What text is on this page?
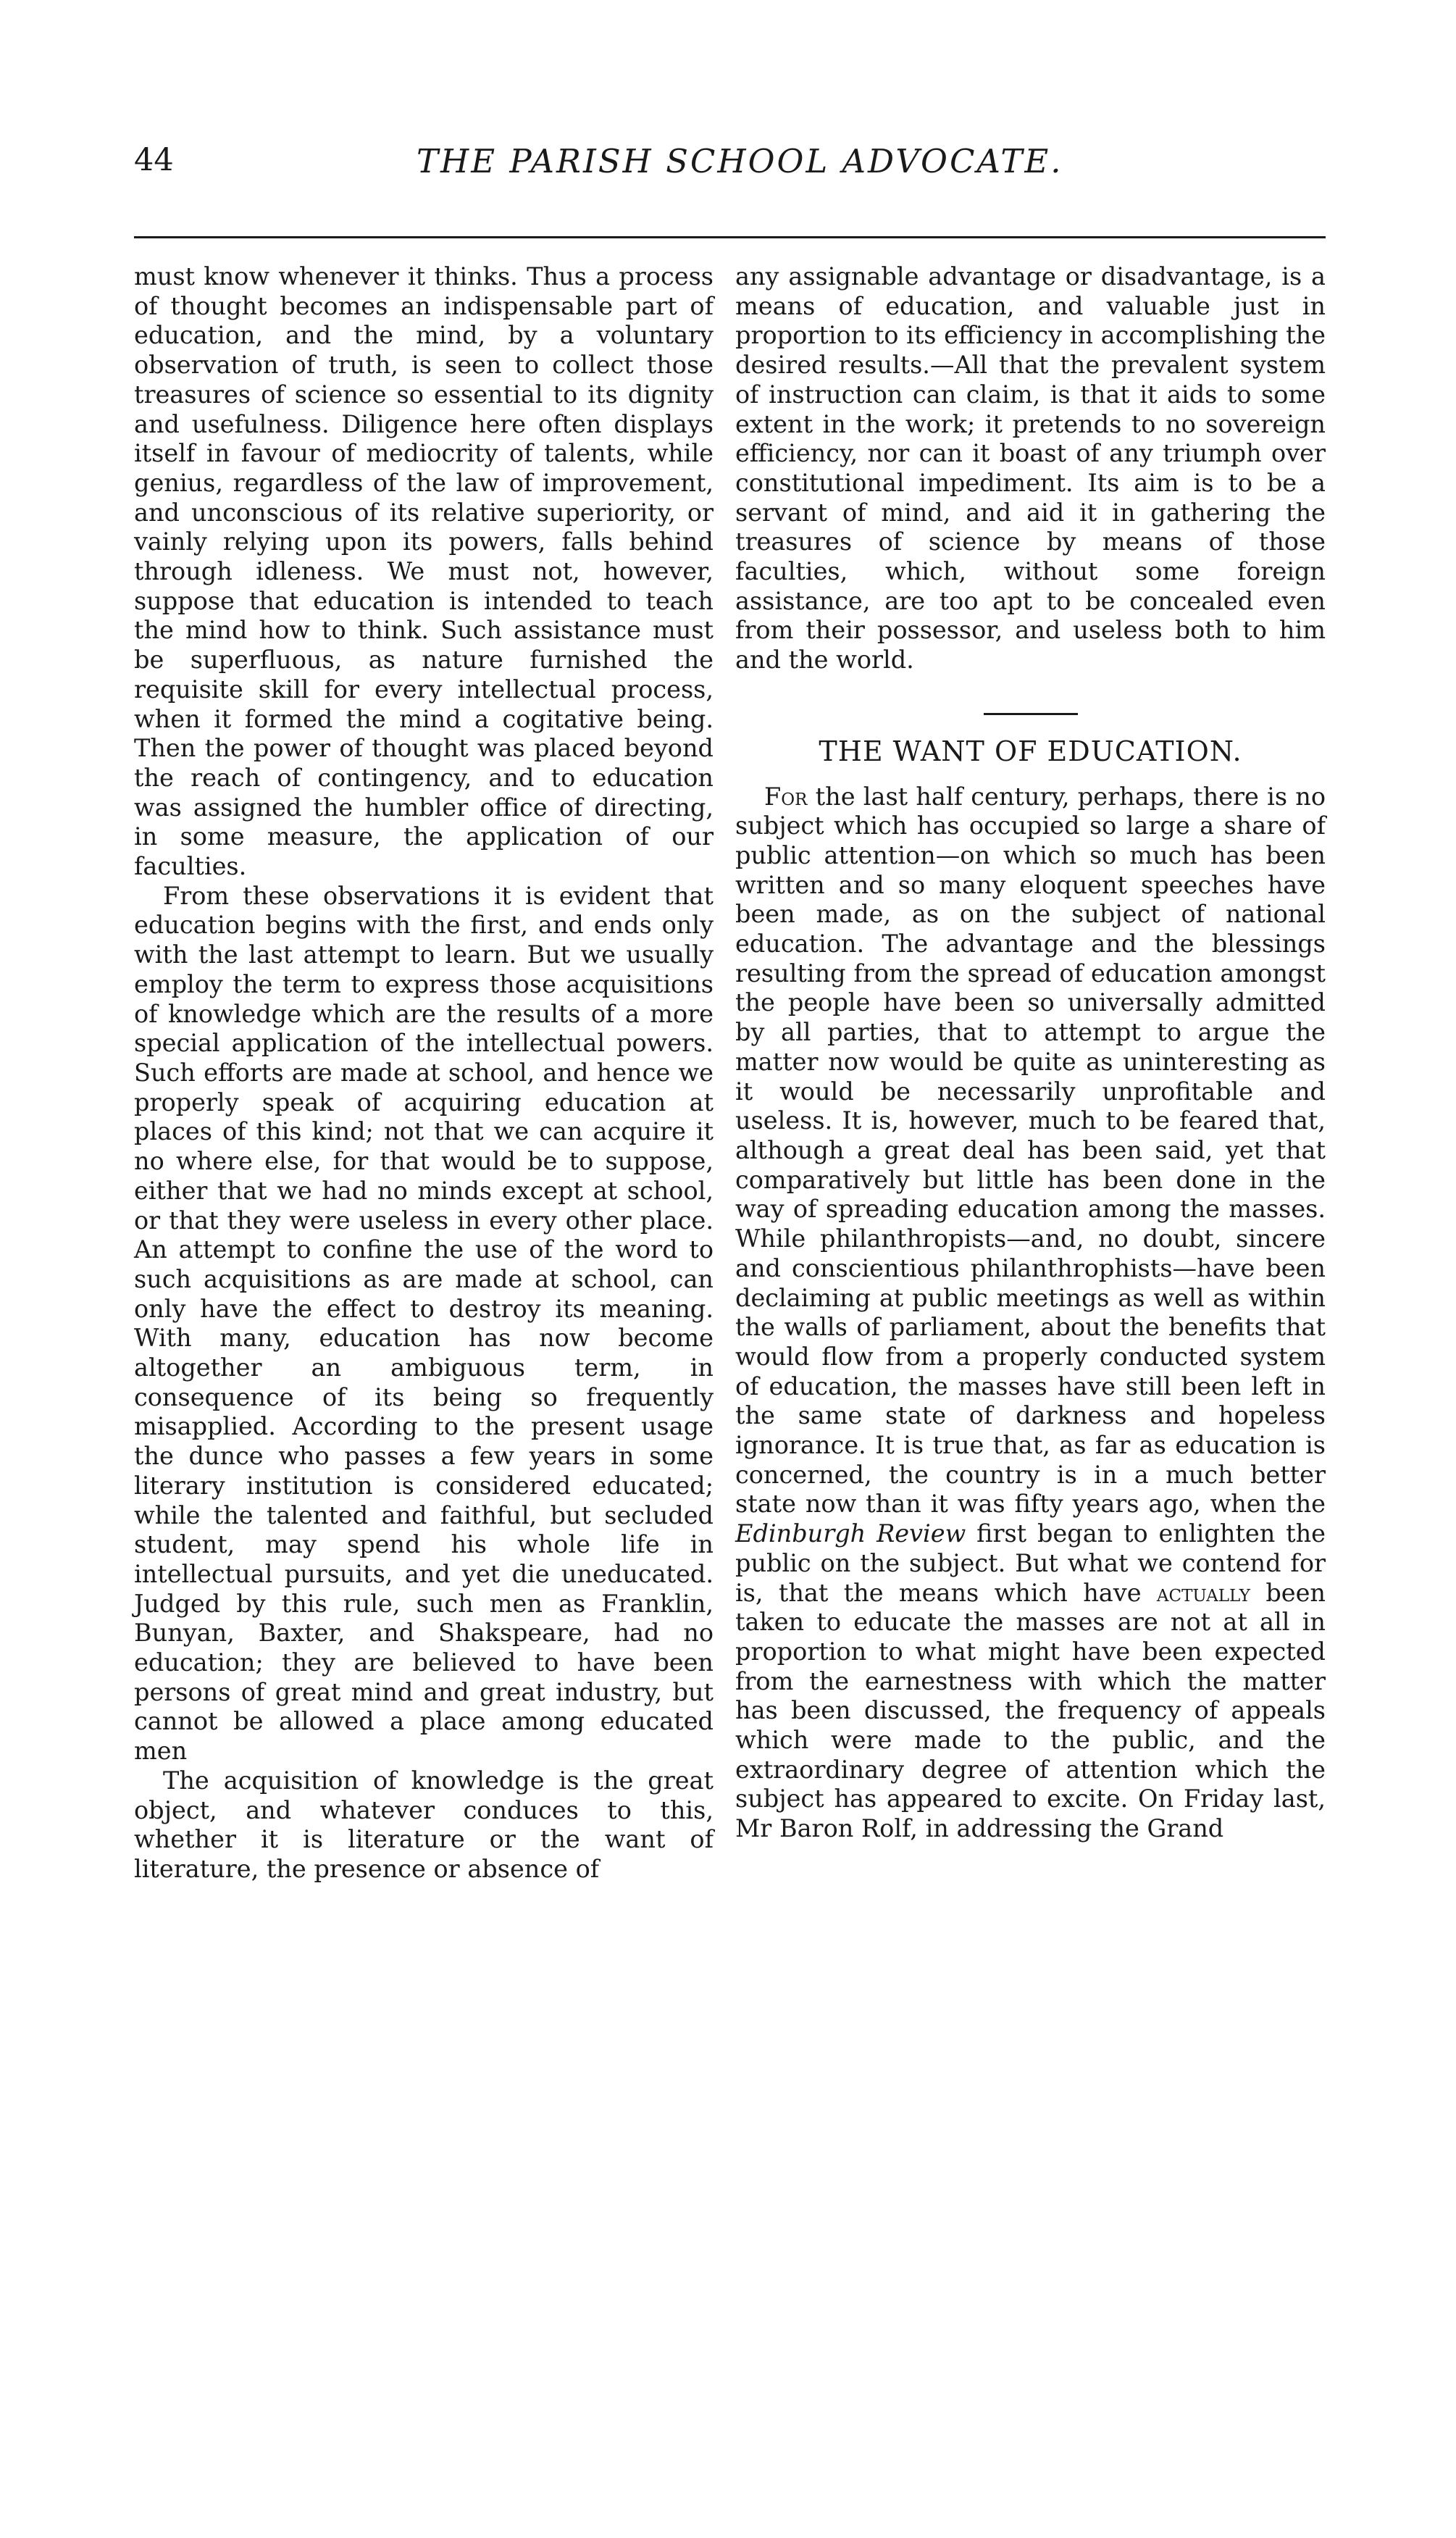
44	THE PARISH SCHOOL ADVOCATE.

must know whenever it thinks. Thus a process of thought becomes an indispensable part of education, and the mind, by a voluntary observation of truth, is seen to collect those treasures of science so essential to its dignity and usefulness. Diligence here often displays itself in favour of mediocrity of talents, while genius, regardless of the law of improvement, and unconscious of its relative superiority, or vainly relying upon its powers, falls behind through idleness. We must not, however, suppose that education is intended to teach the mind how to think. Such assistance must be superfluous, as nature furnished the requisite skill for every intellectual process, when it formed the mind a cogitative being. Then the power of thought was placed beyond the reach of contingency, and to education was assigned the humbler office of directing, in some measure, the application of our faculties.

From these observations it is evident that education begins with the first, and ends only with the last attempt to learn. But we usually employ the term to express those acquisitions of knowledge which are the results of a more special application of the intellectual powers. Such efforts are made at school, and hence we properly speak of acquiring education at places of this kind; not that we can acquire it no where else, for that would be to suppose, either that we had no minds except at school, or that they were useless in every other place. An attempt to confine the use of the word to such acquisitions as are made at school, can only have the effect to destroy its meaning. With many, education has now become altogether an ambiguous term, in consequence of its being so frequently misapplied. According to the present usage the dunce who passes a few years in some literary institution is considered educated; while the talented and faithful, but secluded student, may spend his whole life in intellectual pursuits, and yet die uneducated. Judged by this rule, such men as Franklin, Bunyan, Baxter, and Shakspeare, had no education; they are believed to have been persons of great mind and great industry, but cannot be allowed a place among educated men

The acquisition of knowledge is the great object, and whatever conduces to this, whether it is literature or the want of literature, the presence or absence of

any assignable advantage or disadvantage, is a means of education, and valuable just in proportion to its efficiency in accomplishing the desired results.—All that the prevalent system of instruction can claim, is that it aids to some extent in the work; it pretends to no sovereign efficiency, nor can it boast of any triumph over constitutional impediment. Its aim is to be a servant of mind, and aid it in gathering the treasures of science by means of those faculties, which, without some foreign assistance, are too apt to be concealed even from their possessor, and useless both to him and the world.

THE WANT OF EDUCATION.

For the last half century, perhaps, there is no subject which has occupied so large a share of public attention—on which so much has been written and so many eloquent speeches have been made, as on the subject of national education. The advantage and the blessings resulting from the spread of education amongst the people have been so universally admitted by all parties, that to attempt to argue the matter now would be quite as uninteresting as it would be necessarily unprofitable and useless. It is, however, much to be feared that, although a great deal has been said, yet that comparatively but little has been done in the way of spreading education among the masses. While philanthropists—and, no doubt, sincere and conscientious philanthrophists—have been declaiming at public meetings as well as within the walls of parliament, about the benefits that would flow from a properly conducted system of education, the masses have still been left in the same state of darkness and hopeless ignorance. It is true that, as far as education is concerned, the country is in a much better state now than it was fifty years ago, when the Edinburgh Review first began to enlighten the public on the subject. But what we contend for is, that the means which have actually been taken to educate the masses are not at all in proportion to what might have been expected from the earnestness with which the matter has been discussed, the frequency of appeals which were made to the public, and the extraordinary degree of attention which the subject has appeared to excite. On Friday last, Mr Baron Rolf, in addressing the Grand
